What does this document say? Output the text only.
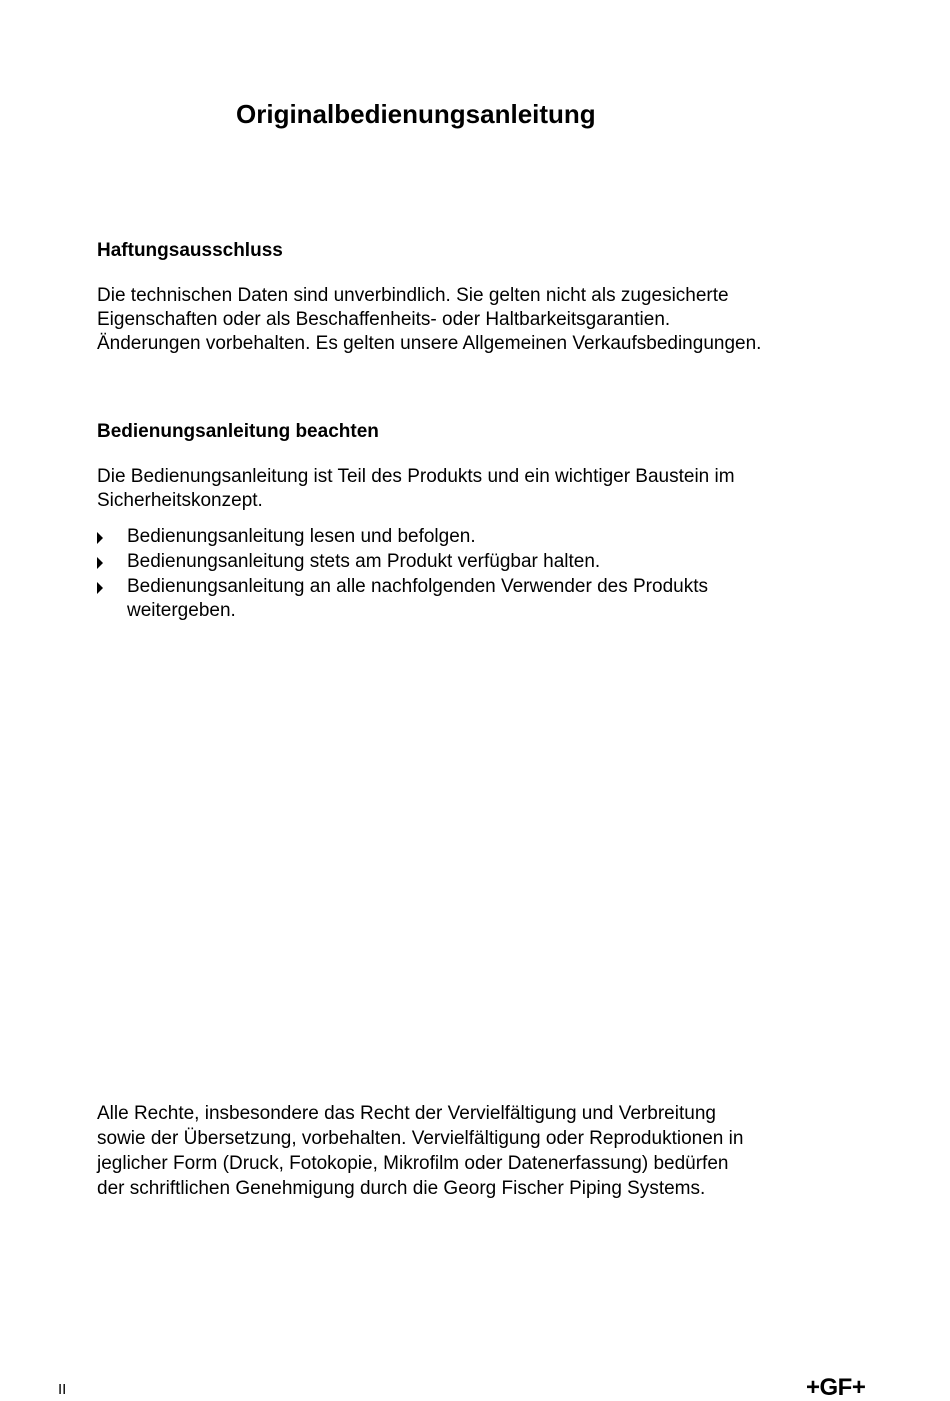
Originalbedienungsanleitung
Haftungsausschluss

Die technischen Daten sind unverbindlich. Sie gelten nicht als zugesicherte
Eigenschaften oder als Beschaffenheits- oder Haltbarkeitsgarantien.
Änderungen vorbehalten. Es gelten unsere Allgemeinen Verkaufsbedingungen.

Bedienungsanleitung beachten

Die Bedienungsanleitung ist Teil des Produkts und ein wichtiger Baustein im
Sicherheitskonzept.

Bedienungsanleitung lesen und befolgen.
Bedienungsanleitung stets am Produkt verfügbar halten.
Bedienungsanleitung an alle nachfolgenden Verwender des Produkts weitergeben.

Alle Rechte, insbesondere das Recht der Vervielfältigung und Verbreitung
sowie der Übersetzung, vorbehalten. Vervielfältigung oder Reproduktionen in
jeglicher Form (Druck, Fotokopie, Mikrofilm oder Datenerfassung) bedürfen
der schriftlichen Genehmigung durch die Georg Fischer Piping Systems.

II	+GF+
